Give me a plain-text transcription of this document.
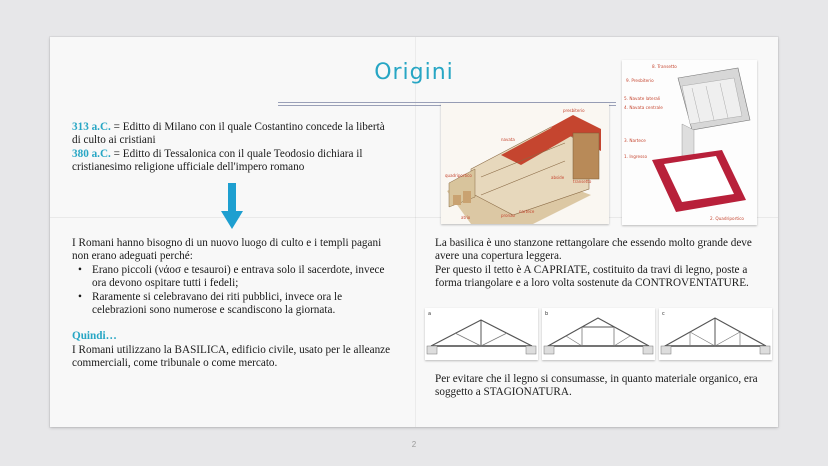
Origini
313 a.C. = Editto di Milano con il quale Costantino concede la libertà di culto ai cristiani
380 a.C. = Editto di Tessalonica con il quale Teodosio dichiara il cristianesimo religione ufficiale dell'impero romano
I Romani hanno bisogno di un nuovo luogo di culto e i templi pagani non erano adeguati perché:
• Erano piccoli (νάοσ e tesauroi) e entrava solo il sacerdote, invece ora devono ospitare tutti i fedeli;
• Raramente si celebravano dei riti pubblici, invece ora le celebrazioni sono numerose e scandiscono la giornata.
Quindi…
I Romani utilizzano la BASILICA, edificio civile, usato per le alleanze commerciali, come tribunale o come mercato.
presbiterio
transetto
navata
abside
quadriportico
nartece
pronao
atrio
8. Transetto
9. Presbiterio
5. Navate laterali
4. Navata centrale
3. Nartece
1. Ingresso
2. Quadriportico
La basilica è uno stanzone rettangolare che essendo molto grande deve avere una copertura leggera.
Per questo il tetto è A CAPRIATE, costituito da travi di legno, poste a forma triangolare e a loro volta sostenute da CONTROVENTATURE.
a	b	c
Per evitare che il legno si consumasse, in quanto materiale organico, era soggetto a STAGIONATURA.
2
